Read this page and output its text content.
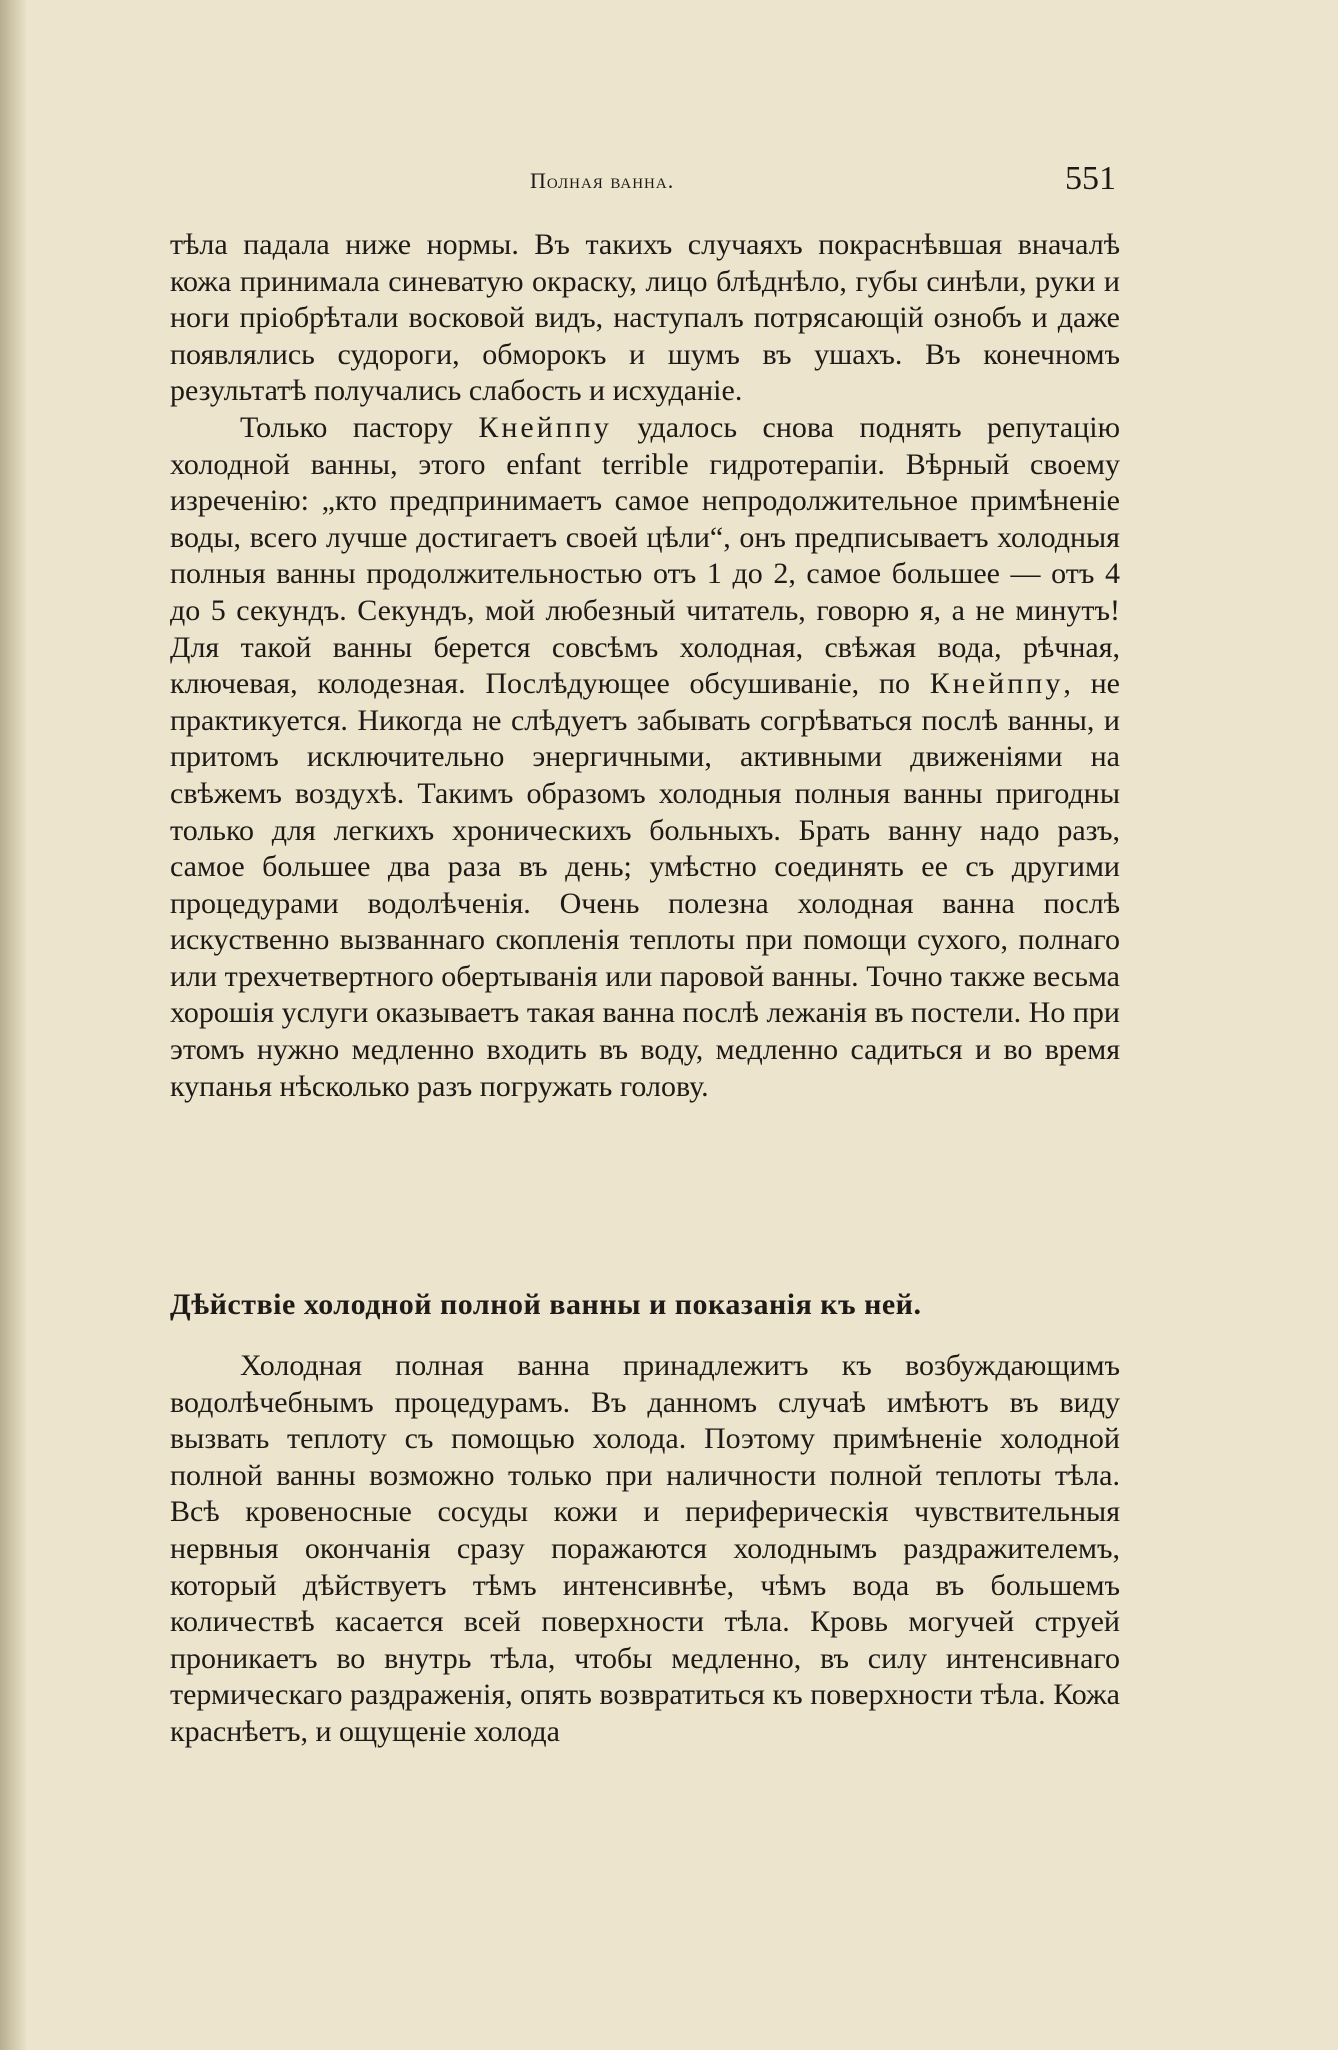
Полная ванна.	551

тѣла падала ниже нормы. Въ такихъ случаяхъ покраснѣвшая вначалѣ кожа принимала синеватую окраску, лицо блѣднѣло, губы синѣли, руки и ноги пріобрѣтали восковой видъ, наступалъ потрясающій ознобъ и даже появлялись судороги, обморокъ и шумъ въ ушахъ. Въ конечномъ результатѣ получались слабость и исхуданіе.

Только пастору Кнейппу удалось снова поднять репутацію холодной ванны, этого enfant terrible гидротерапіи. Вѣрный своему изреченію: „кто предпринимаетъ самое непродолжительное примѣненіе воды, всего лучше достигаетъ своей цѣли“, онъ предписываетъ холодныя полныя ванны продолжительностью отъ 1 до 2, самое большее — отъ 4 до 5 секундъ. Секундъ, мой любезный читатель, говорю я, а не минутъ! Для такой ванны берется совсѣмъ холодная, свѣжая вода, рѣчная, ключевая, колодезная. Послѣдующее обсушиваніе, по Кнейппу, не практикуется. Никогда не слѣдуетъ забывать согрѣваться послѣ ванны, и притомъ исключительно энергичными, активными движеніями на свѣжемъ воздухѣ. Такимъ образомъ холодныя полныя ванны пригодны только для легкихъ хроническихъ больныхъ. Брать ванну надо разъ, самое большее два раза въ день; умѣстно соединять ее съ другими процедурами водолѣченія. Очень полезна холодная ванна послѣ искуственно вызваннаго скопленія теплоты при помощи сухого, полнаго или трехчетвертного обертыванія или паровой ванны. Точно также весьма хорошія услуги оказываетъ такая ванна послѣ лежанія въ постели. Но при этомъ нужно медленно входить въ воду, медленно садиться и во время купанья нѣсколько разъ погружать голову.

Дѣйствіе холодной полной ванны и показанія къ ней.

Холодная полная ванна принадлежитъ къ возбуждающимъ водолѣчебнымъ процедурамъ. Въ данномъ случаѣ имѣютъ въ виду вызвать теплоту съ помощью холода. Поэтому примѣненіе холодной полной ванны возможно только при наличности полной теплоты тѣла. Всѣ кровеносные сосуды кожи и периферическія чувствительныя нервныя окончанія сразу поражаются холоднымъ раздражителемъ, который дѣйствуетъ тѣмъ интенсивнѣе, чѣмъ вода въ большемъ количествѣ касается всей поверхности тѣла. Кровь могучей струей проникаетъ во внутрь тѣла, чтобы медленно, въ силу интенсивнаго термическаго раздраженія, опять возвратиться къ поверхности тѣла. Кожа краснѣетъ, и ощущеніе холода
